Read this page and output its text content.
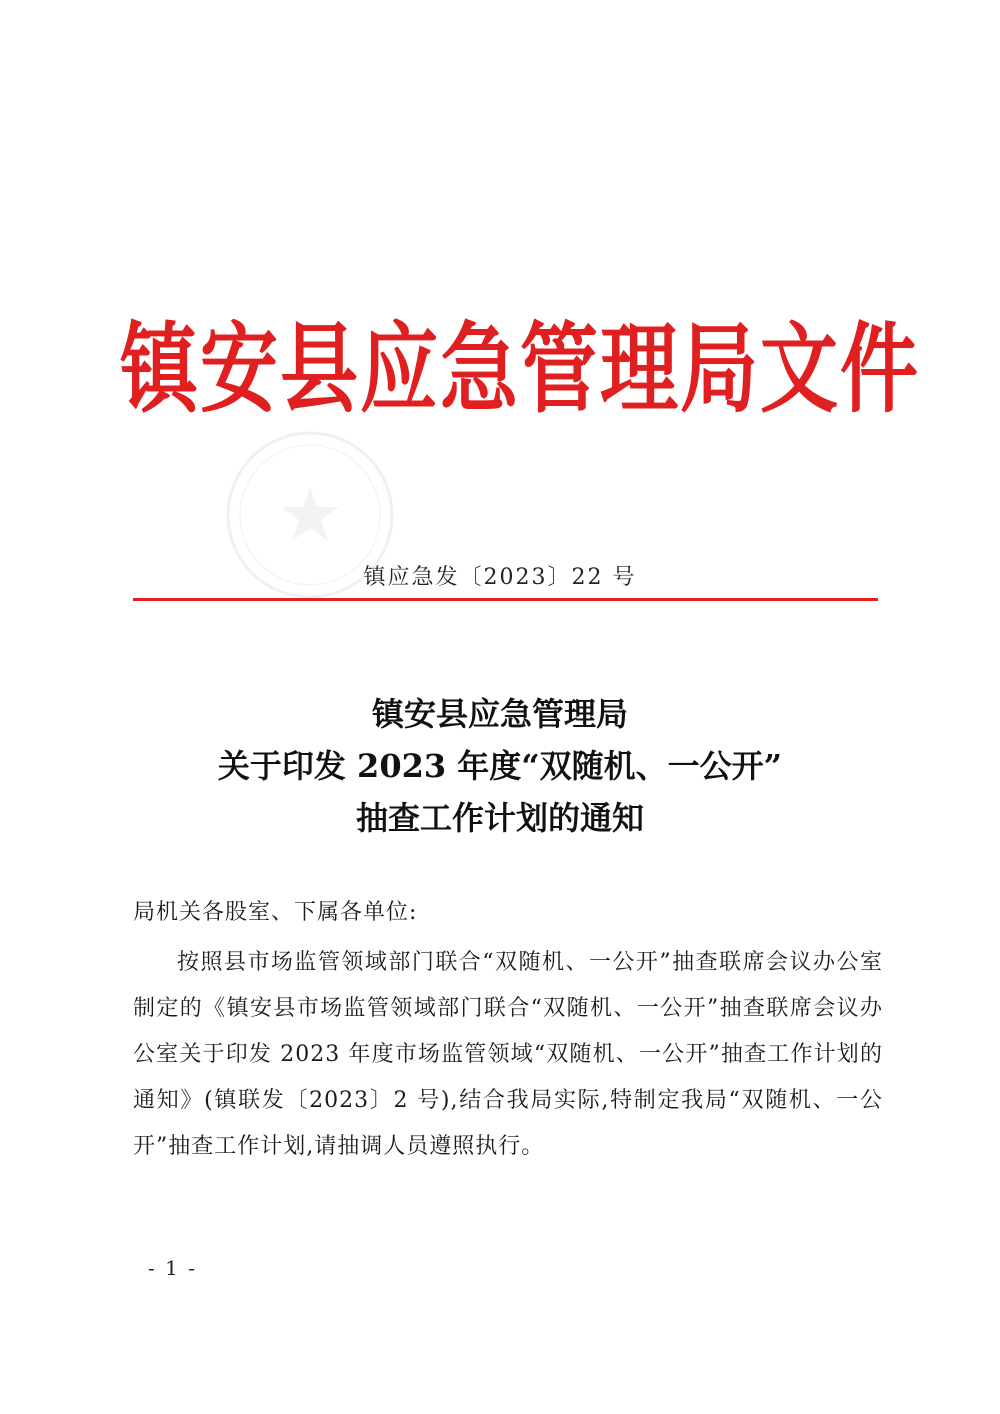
镇安县应急管理局文件
镇应急发〔2023〕22 号
镇安县应急管理局
关于印发 2023 年度“双随机、一公开”
抽查工作计划的通知
局机关各股室、下属各单位:
按照县市场监管领域部门联合“双随机、一公开”抽查联席会议办公室制定的《镇安县市场监管领域部门联合“双随机、一公开”抽查联席会议办公室关于印发 2023 年度市场监管领域“双随机、一公开”抽查工作计划的通知》(镇联发〔2023〕2 号),结合我局实际,特制定我局“双随机、一公开”抽查工作计划,请抽调人员遵照执行。
- 1 -
